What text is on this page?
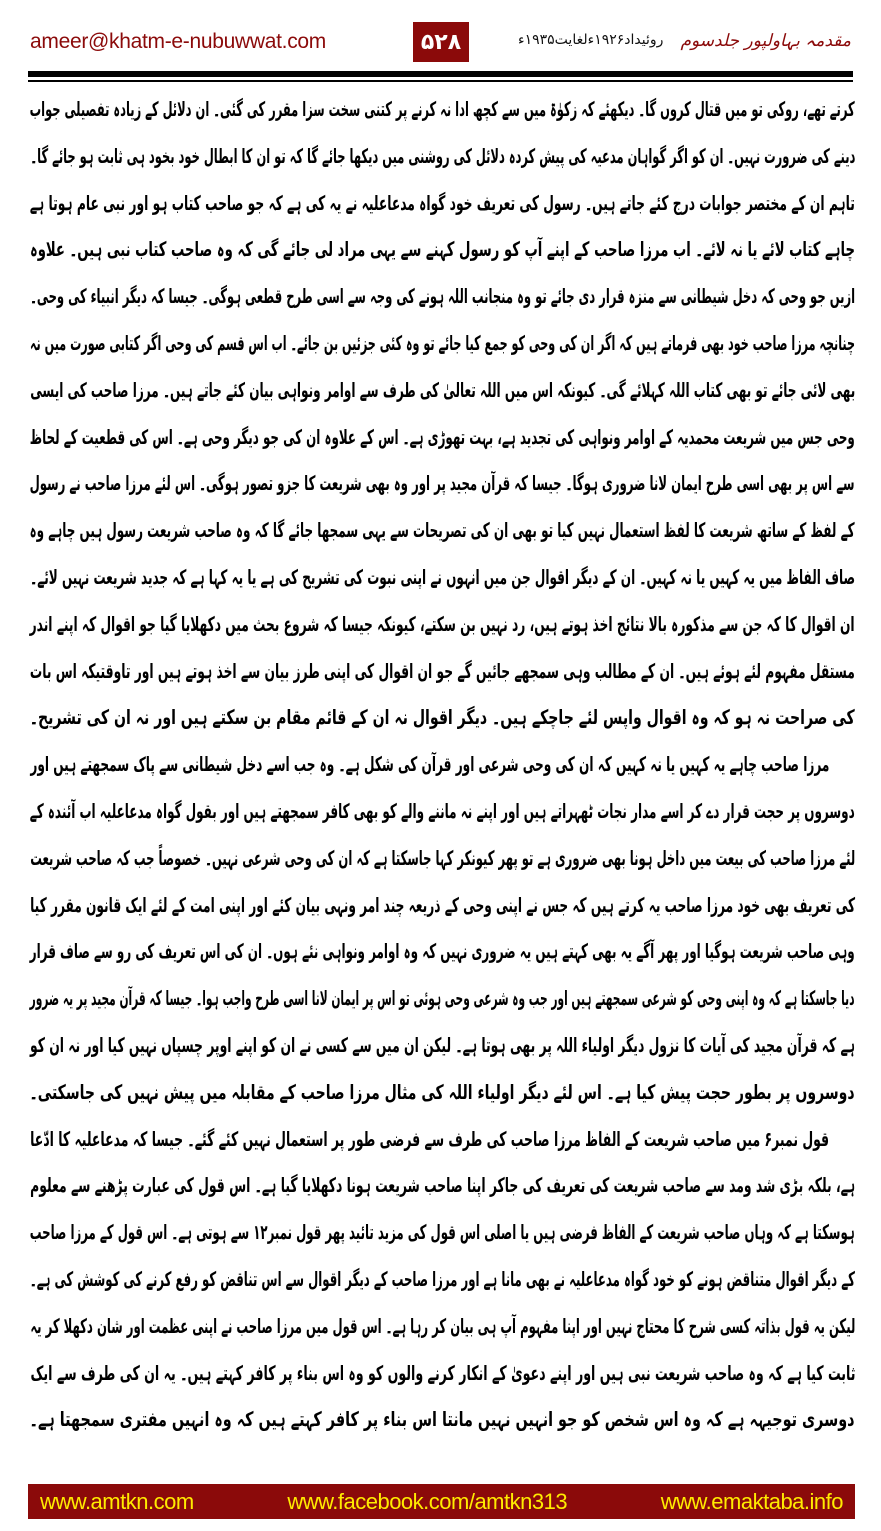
ameer@khatm-e-nubuwwat.com	۵۲۸	روئیداد۱۹۲۶ءلغایت۱۹۳۵ء مقدمہ بہاولپور جلدسوم
کرتے تھے، روکی تو میں قتال کروں گا۔ دیکھئے کہ زکوٰۃ میں سے کچھ ادا نہ کرنے پر کتنی سخت سزا مقرر کی گئی۔ ان دلائل کے زیادہ تفصیلی جواب
دینے کی ضرورت نہیں۔ ان کو اگر گواہان مدعیہ کی پیش کردہ دلائل کی روشنی میں دیکھا جائے گا کہ تو ان کا ابطال خود بخود ہی ثابت ہو جائے گا۔
تاہم ان کے مختصر جوابات درج کئے جاتے ہیں۔ رسول کی تعریف خود گواہ مدعاعلیہ نے یہ کی ہے کہ جو صاحب کتاب ہو اور نبی عام ہوتا ہے
چاہے کتاب لائے یا نہ لائے۔ اب مرزا صاحب کے اپنے آپ کو رسول کہنے سے یہی مراد لی جائے گی کہ وہ صاحب کتاب نبی ہیں۔ علاوہ
ازیں جو وحی کہ دخل شیطانی سے منزہ قرار دی جائے تو وہ منجانب اللہ ہونے کی وجہ سے اسی طرح قطعی ہوگی۔ جیسا کہ دیگر انبیاء کی وحی۔
چنانچہ مرزا صاحب خود بھی فرماتے ہیں کہ اگر ان کی وحی کو جمع کیا جائے تو وہ کئی جزئیں بن جائے۔ اب اس قسم کی وحی اگر کتابی صورت میں نہ
بھی لائی جائے تو بھی کتاب اللہ کہلائے گی۔ کیونکہ اس میں اللہ تعالیٰ کی طرف سے اوامر ونواہی بیان کئے جاتے ہیں۔ مرزا صاحب کی ایسی
وحی جس میں شریعت محمدیہ کے اوامر ونواہی کی تجدید ہے، بہت تھوڑی ہے۔ اس کے علاوہ ان کی جو دیگر وحی ہے۔ اس کی قطعیت کے لحاظ
سے اس پر بھی اسی طرح ایمان لانا ضروری ہوگا۔ جیسا کہ قرآن مجید پر اور وہ بھی شریعت کا جزو تصور ہوگی۔ اس لئے مرزا صاحب نے رسول
کے لفظ کے ساتھ شریعت کا لفظ استعمال نہیں کیا تو بھی ان کی تصریحات سے یہی سمجھا جائے گا کہ وہ صاحب شریعت رسول ہیں چاہے وہ
صاف الفاظ میں یہ کہیں یا نہ کہیں۔ ان کے دیگر اقوال جن میں انہوں نے اپنی نبوت کی تشریح کی ہے یا یہ کہا ہے کہ جدید شریعت نہیں لائے۔
ان اقوال کا کہ جن سے مذکورہ بالا نتائج اخذ ہوتے ہیں، رد نہیں بن سکتے، کیونکہ جیسا کہ شروع بحث میں دکھلایا گیا جو اقوال کہ اپنے اندر
مستقل مفہوم لئے ہوئے ہیں۔ ان کے مطالب وہی سمجھے جائیں گے جو ان اقوال کی اپنی طرز بیان سے اخذ ہوتے ہیں اور تاوقتیکہ اس بات
کی صراحت نہ ہو کہ وہ اقوال واپس لئے جاچکے ہیں۔ دیگر اقوال نہ ان کے قائم مقام بن سکتے ہیں اور نہ ان کی تشریح۔
مرزا صاحب چاہے یہ کہیں یا نہ کہیں کہ ان کی وحی شرعی اور قرآن کی شکل ہے۔ وہ جب اسے دخل شیطانی سے پاک سمجھتے ہیں اور
دوسروں پر حجت قرار دے کر اسے مدار نجات ٹھہراتے ہیں اور اپنے نہ ماننے والے کو بھی کافر سمجھتے ہیں اور بقول گواہ مدعاعلیہ اب آئندہ کے
لئے مرزا صاحب کی بیعت میں داخل ہونا بھی ضروری ہے تو پھر کیونکر کہا جاسکتا ہے کہ ان کی وحی شرعی نہیں۔ خصوصاً جب کہ صاحب شریعت
کی تعریف بھی خود مرزا صاحب یہ کرتے ہیں کہ جس نے اپنی وحی کے ذریعہ چند امر ونہی بیان کئے اور اپنی امت کے لئے ایک قانون مقرر کیا
وہی صاحب شریعت ہوگیا اور پھر آگے یہ بھی کہتے ہیں یہ ضروری نہیں کہ وہ اوامر ونواہی نئے ہوں۔ ان کی اس تعریف کی رو سے صاف قرار
دیا جاسکتا ہے کہ وہ اپنی وحی کو شرعی سمجھتے ہیں اور جب وہ شرعی وحی ہوئی تو اس پر ایمان لانا اسی طرح واجب ہوا۔ جیسا کہ قرآن مجید پر یہ ضرور
ہے کہ قرآن مجید کی آیات کا نزول دیگر اولیاء اللہ پر بھی ہوتا ہے۔ لیکن ان میں سے کسی نے ان کو اپنے اوپر چسپاں نہیں کیا اور نہ ان کو
دوسروں پر بطور حجت پیش کیا ہے۔ اس لئے دیگر اولیاء اللہ کی مثال مرزا صاحب کے مقابلہ میں پیش نہیں کی جاسکتی۔
قول نمبر۶ میں صاحب شریعت کے الفاظ مرزا صاحب کی طرف سے فرضی طور پر استعمال نہیں کئے گئے۔ جیسا کہ مدعاعلیہ کا ادّعا
ہے، بلکہ بڑی شد ومد سے صاحب شریعت کی تعریف کی جاکر اپنا صاحب شریعت ہونا دکھلایا گیا ہے۔ اس قول کی عبارت پڑھنے سے معلوم
ہوسکتا ہے کہ وہاں صاحب شریعت کے الفاظ فرضی ہیں یا اصلی اس قول کی مزید تائید پھر قول نمبر۱۲ سے ہوتی ہے۔ اس قول کے مرزا صاحب
کے دیگر اقوال متناقض ہونے کو خود گواہ مدعاعلیہ نے بھی مانا ہے اور مرزا صاحب کے دیگر اقوال سے اس تناقض کو رفع کرنے کی کوشش کی ہے۔
لیکن یہ قول بذاتہ کسی شرح کا محتاج نہیں اور اپنا مفہوم آپ ہی بیان کر رہا ہے۔ اس قول میں مرزا صاحب نے اپنی عظمت اور شان دکھلا کر یہ
ثابت کیا ہے کہ وہ صاحب شریعت نبی ہیں اور اپنے دعویٰ کے انکار کرنے والوں کو وہ اس بناء پر کافر کہتے ہیں۔ یہ ان کی طرف سے ایک
دوسری توجیہہ ہے کہ وہ اس شخص کو جو انہیں نہیں مانتا اس بناء پر کافر کہتے ہیں کہ وہ انہیں مفتری سمجھتا ہے۔
www.amtkn.com	www.facebook.com/amtkn313	www.emaktaba.info
